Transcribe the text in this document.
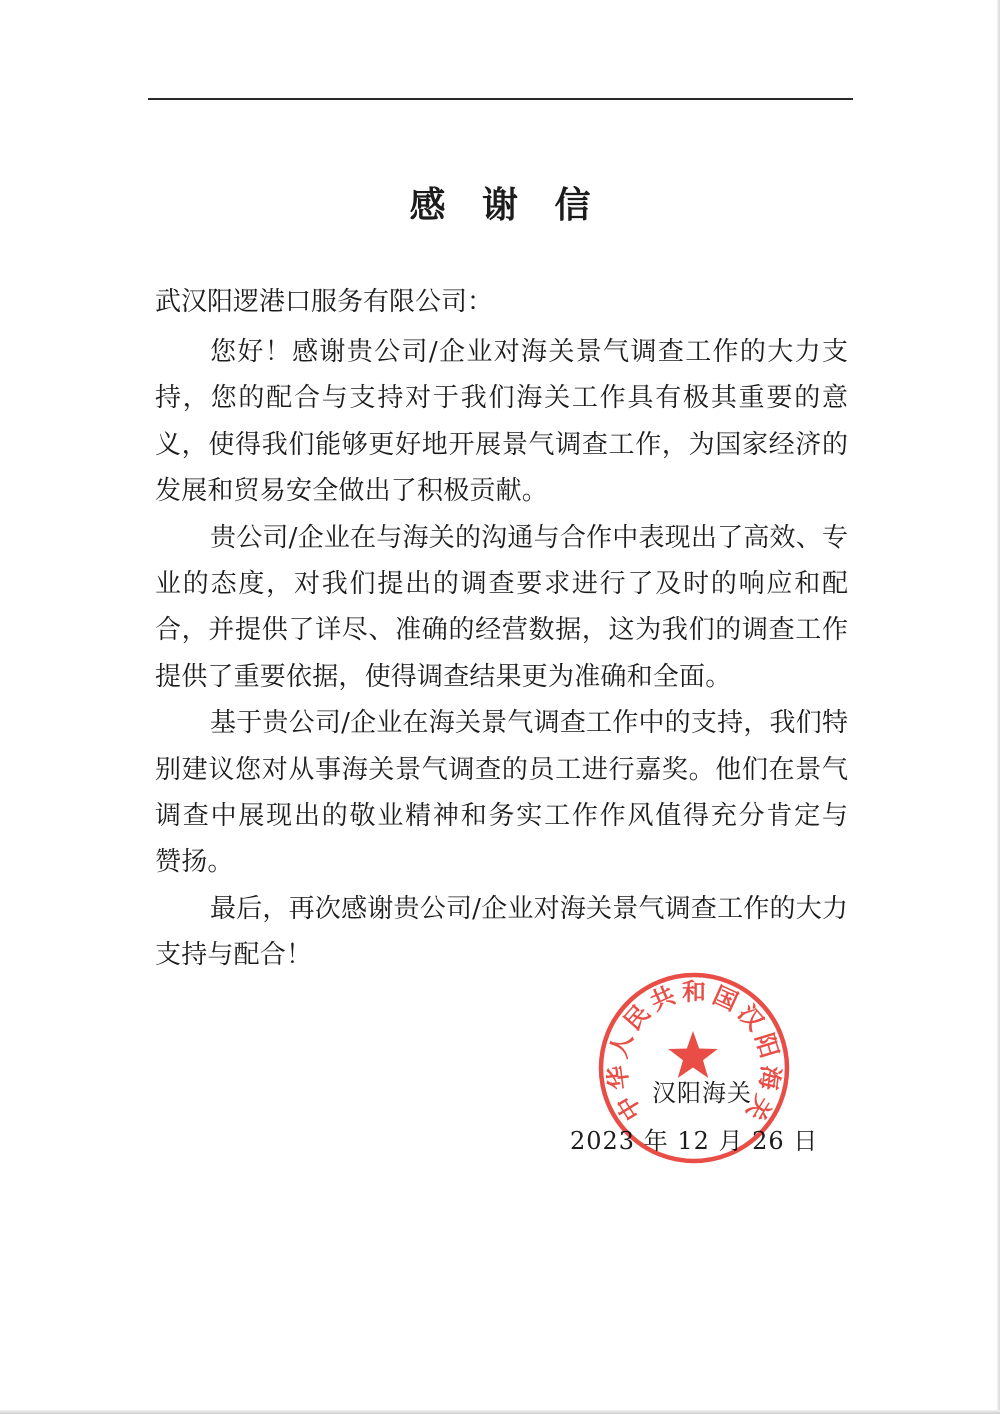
感 谢 信
武汉阳逻港口服务有限公司：
您好！感谢贵公司/企业对海关景气调查工作的大力支
持，您的配合与支持对于我们海关工作具有极其重要的意
义，使得我们能够更好地开展景气调查工作，为国家经济的
发展和贸易安全做出了积极贡献。
贵公司/企业在与海关的沟通与合作中表现出了高效、专
业的态度，对我们提出的调查要求进行了及时的响应和配
合，并提供了详尽、准确的经营数据，这为我们的调查工作
提供了重要依据，使得调查结果更为准确和全面。
基于贵公司/企业在海关景气调查工作中的支持，我们特
别建议您对从事海关景气调查的员工进行嘉奖。他们在景气
调查中展现出的敬业精神和务实工作作风值得充分肯定与
赞扬。
最后，再次感谢贵公司/企业对海关景气调查工作的大力
支持与配合！
汉阳海关
2023 年 12 月 26 日
中华人民共和国汉阳海关
